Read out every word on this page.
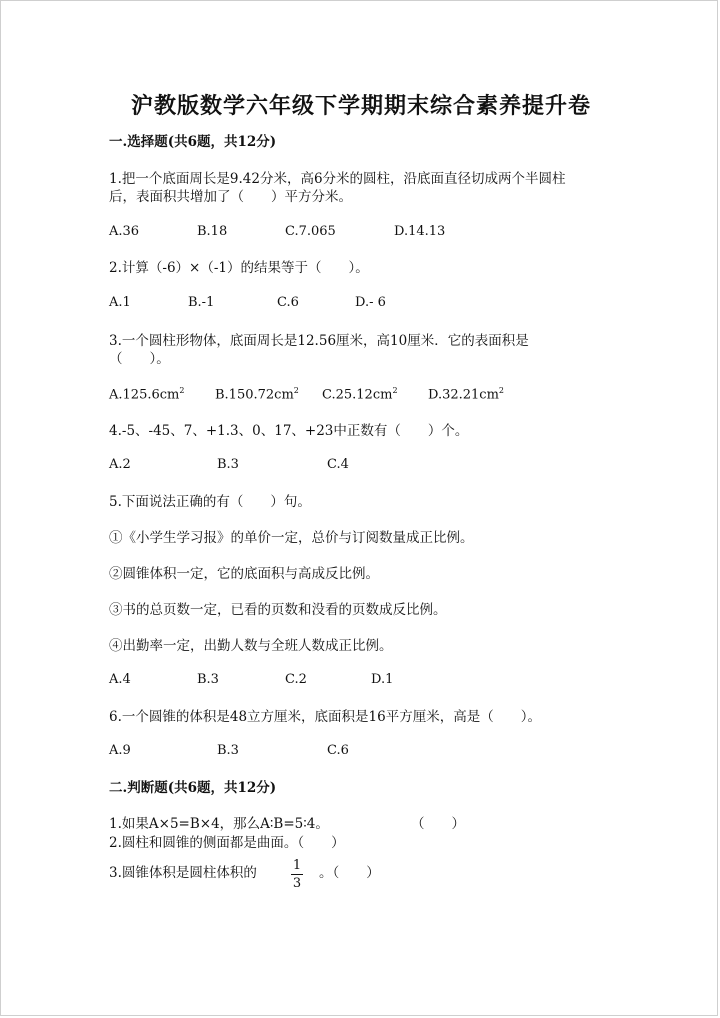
沪教版数学六年级下学期期末综合素养提升卷
一.选择题(共6题，共12分)
1.把一个底面周长是9.42分米，高6分米的圆柱，沿底面直径切成两个半圆柱
后，表面积共增加了（　　）平方分米。
A.36	B.18	C.7.065	D.14.13
2.计算（-6）×（-1）的结果等于（　　）。
A.1	B.-1	C.6	D.- 6
3.一个圆柱形物体，底面周长是12.56厘米，高10厘米．它的表面积是
（　　）。
$A.125.6cm^2$ $B.150.72cm^2$ $C.25.12cm^2$ $D.32.21cm^2$
4.-5、-45、7、+1.3、0、17、+23中正数有（　　）个。
A.2	B.3	C.4
5.下面说法正确的有（　　）句。
①《小学生学习报》的单价一定，总价与订阅数量成正比例。
②圆锥体积一定，它的底面积与高成反比例。
③书的总页数一定，已看的页数和没看的页数成反比例。
④出勤率一定，出勤人数与全班人数成正比例。
A.4	B.3	C.2	D.1
6.一个圆锥的体积是48立方厘米，底面积是16平方厘米，高是（　　）。
A.9	B.3	C.6
二.判断题(共6题，共12分)
1.如果A×5=B×4，那么A∶B=5∶4。	（　　）
2.圆柱和圆锥的侧面都是曲面。（　　）
3.圆锥体积是圆柱体积的	1
3
。（　　）
